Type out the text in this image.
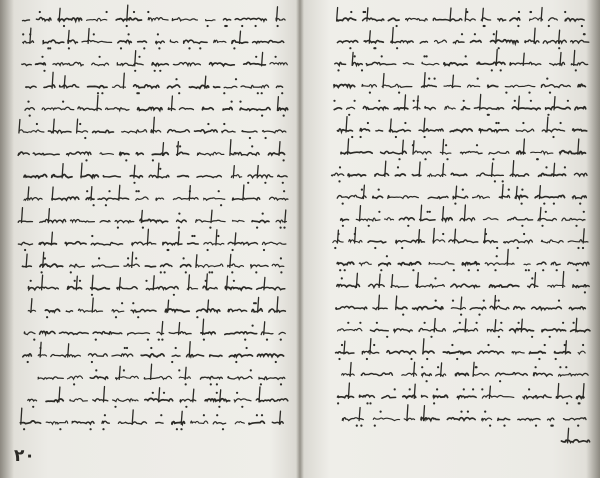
٢٠
